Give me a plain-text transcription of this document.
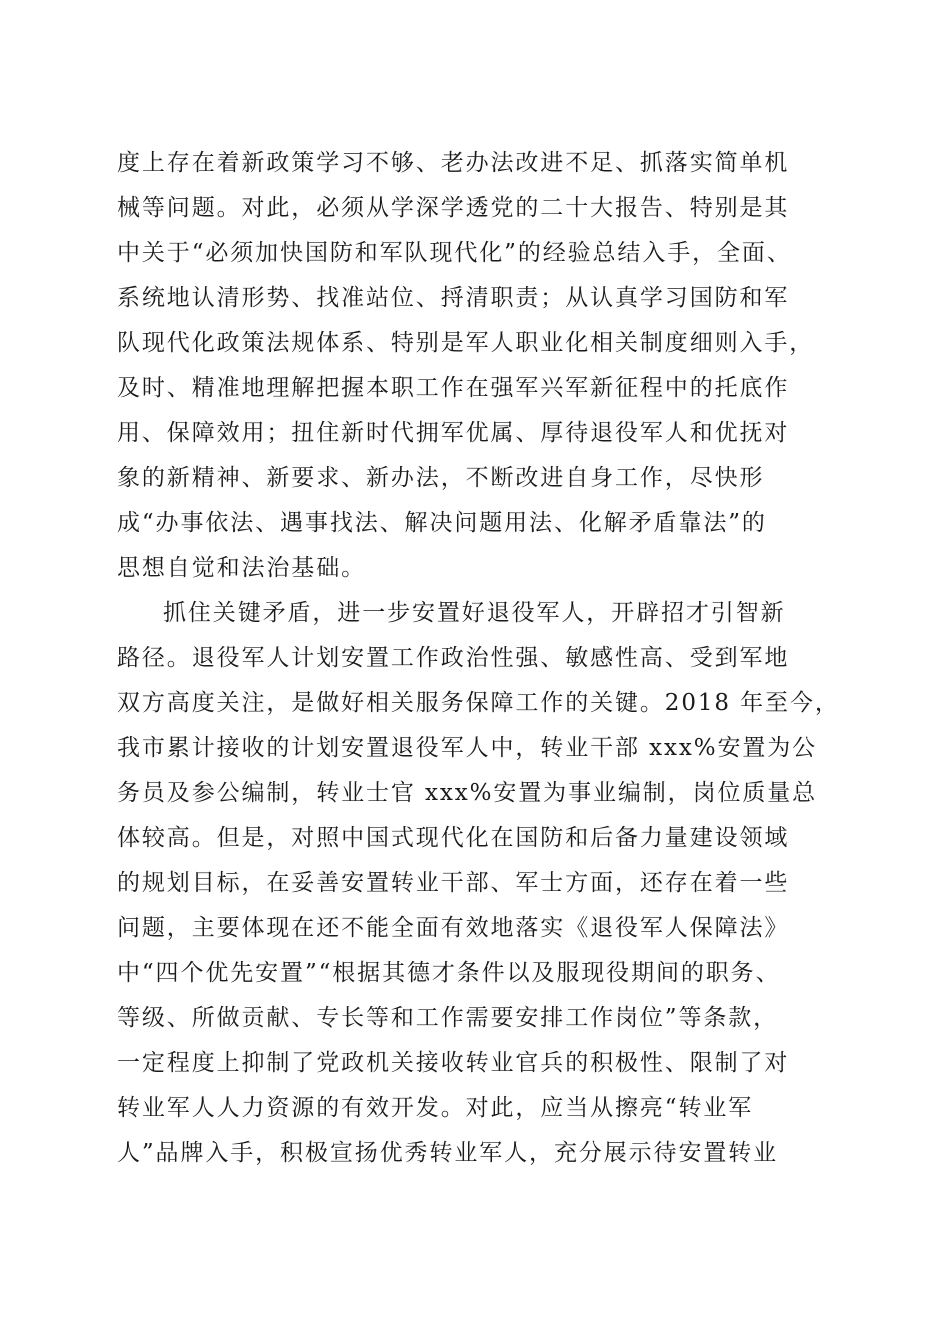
度上存在着新政策学习不够、老办法改进不足、抓落实简单机
械等问题。对此，必须从学深学透党的二十大报告、特别是其
中关于“必须加快国防和军队现代化”的经验总结入手，全面、
系统地认清形势、找准站位、捋清职责；从认真学习国防和军
队现代化政策法规体系、特别是军人职业化相关制度细则入手，
及时、精准地理解把握本职工作在强军兴军新征程中的托底作
用、保障效用；扭住新时代拥军优属、厚待退役军人和优抚对
象的新精神、新要求、新办法，不断改进自身工作，尽快形
成“办事依法、遇事找法、解决问题用法、化解矛盾靠法”的
思想自觉和法治基础。
抓住关键矛盾，进一步安置好退役军人，开辟招才引智新
路径。退役军人计划安置工作政治性强、敏感性高、受到军地
双方高度关注，是做好相关服务保障工作的关键。2018 年至今，
我市累计接收的计划安置退役军人中，转业干部 xxx%安置为公
务员及参公编制，转业士官 xxx%安置为事业编制，岗位质量总
体较高。但是，对照中国式现代化在国防和后备力量建设领域
的规划目标，在妥善安置转业干部、军士方面，还存在着一些
问题，主要体现在还不能全面有效地落实《退役军人保障法》
中“四个优先安置”“根据其德才条件以及服现役期间的职务、
等级、所做贡献、专长等和工作需要安排工作岗位”等条款，
一定程度上抑制了党政机关接收转业官兵的积极性、限制了对
转业军人人力资源的有效开发。对此，应当从擦亮“转业军
人”品牌入手，积极宣扬优秀转业军人，充分展示待安置转业
